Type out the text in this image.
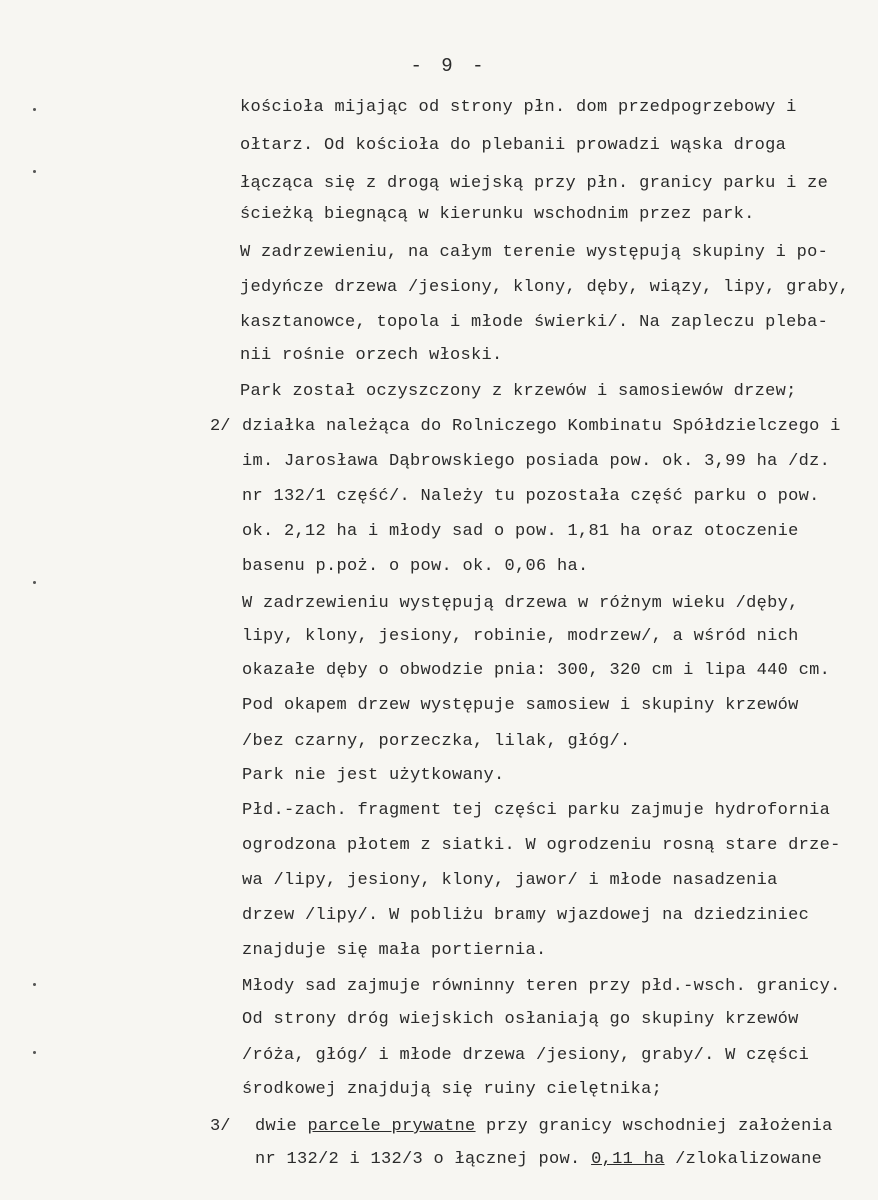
- 9 -
kościoła mijając od strony płn. dom przedpogrzebowy i
ołtarz. Od kościoła do plebanii prowadzi wąska droga
łącząca się z drogą wiejską przy płn. granicy parku i ze
ścieżką biegnącą w kierunku wschodnim przez park.
W zadrzewieniu, na całym terenie występują skupiny i po-
jedyńcze drzewa /jesiony, klony, dęby, wiązy, lipy, graby,
kasztanowce, topola i młode świerki/. Na zapleczu pleba-
nii rośnie orzech włoski.
Park został oczyszczony z krzewów i samosiewów drzew;
2/ działka należąca do Rolniczego Kombinatu Spółdzielczego i
im. Jarosława Dąbrowskiego posiada pow. ok. 3,99 ha /dz.
nr 132/1 część/. Należy tu pozostała część parku o pow.
ok. 2,12 ha i młody sad o pow. 1,81 ha oraz otoczenie
basenu p.poż. o pow. ok. 0,06 ha.
W zadrzewieniu występują drzewa w różnym wieku /dęby,
lipy, klony, jesiony, robinie, modrzew/, a wśród nich
okazałe dęby o obwodzie pnia: 300, 320 cm i lipa 440 cm.
Pod okapem drzew występuje samosiew i skupiny krzewów
/bez czarny, porzeczka, lilak, głóg/.
Park nie jest użytkowany.
Płd.-zach. fragment tej części parku zajmuje hydrofornia
ogrodzona płotem z siatki. W ogrodzeniu rosną stare drze-
wa /lipy, jesiony, klony, jawor/ i młode nasadzenia
drzew /lipy/. W pobliżu bramy wjazdowej na dziedziniec
znajduje się mała portiernia.
Młody sad zajmuje równinny teren przy płd.-wsch. granicy.
Od strony dróg wiejskich osłaniają go skupiny krzewów
/róża, głóg/ i młode drzewa /jesiony, graby/. W części
środkowej znajdują się ruiny cielętnika;
3/ dwie parcele prywatne przy granicy wschodniej założenia
nr 132/2 i 132/3 o łącznej pow. 0,11 ha /zlokalizowane
